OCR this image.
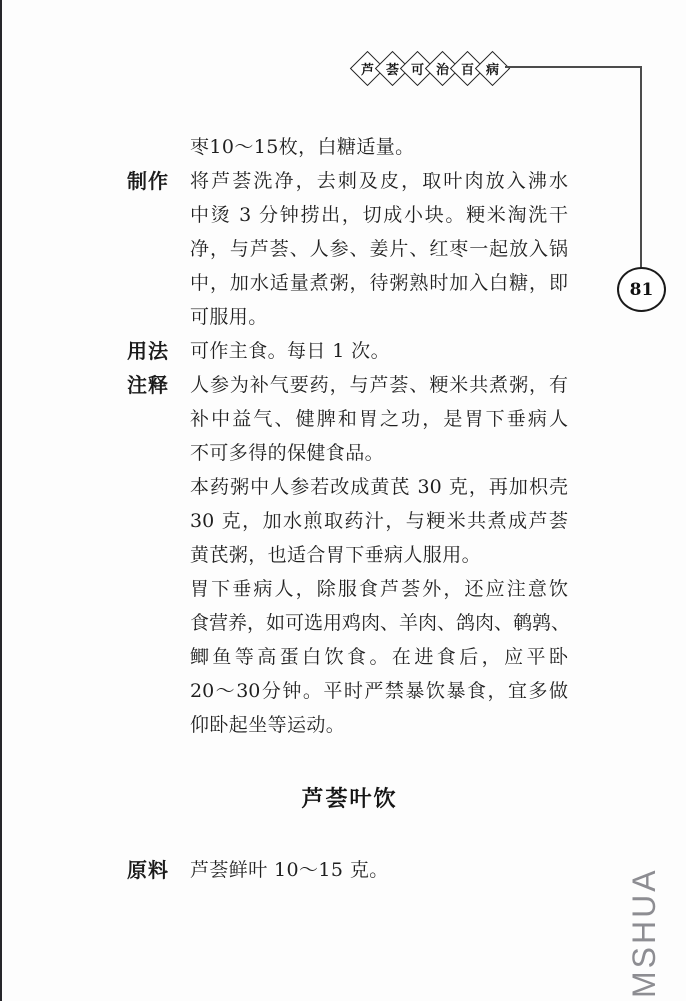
芦 荟 可 治 百 病
81
枣10～15枚，白糖适量。
制作	将芦荟洗净，去刺及皮，取叶肉放入沸水
中烫 3 分钟捞出，切成小块。粳米淘洗干
净，与芦荟、人参、姜片、红枣一起放入锅
中，加水适量煮粥，待粥熟时加入白糖，即
可服用。
用法	可作主食。每日 1 次。
注释	人参为补气要药，与芦荟、粳米共煮粥，有
补中益气、健脾和胃之功，是胃下垂病人
不可多得的保健食品。
本药粥中人参若改成黄芪 30 克，再加枳壳
30 克，加水煎取药汁，与粳米共煮成芦荟
黄芪粥，也适合胃下垂病人服用。
胃下垂病人，除服食芦荟外，还应注意饮
食营养，如可选用鸡肉、羊肉、鸽肉、鹌鹑、
鲫鱼等高蛋白饮食。在进食后，应平卧
20～30分钟。平时严禁暴饮暴食，宜多做
仰卧起坐等运动。
芦荟叶饮
原料	芦荟鲜叶 10～15 克。	MSHUA
